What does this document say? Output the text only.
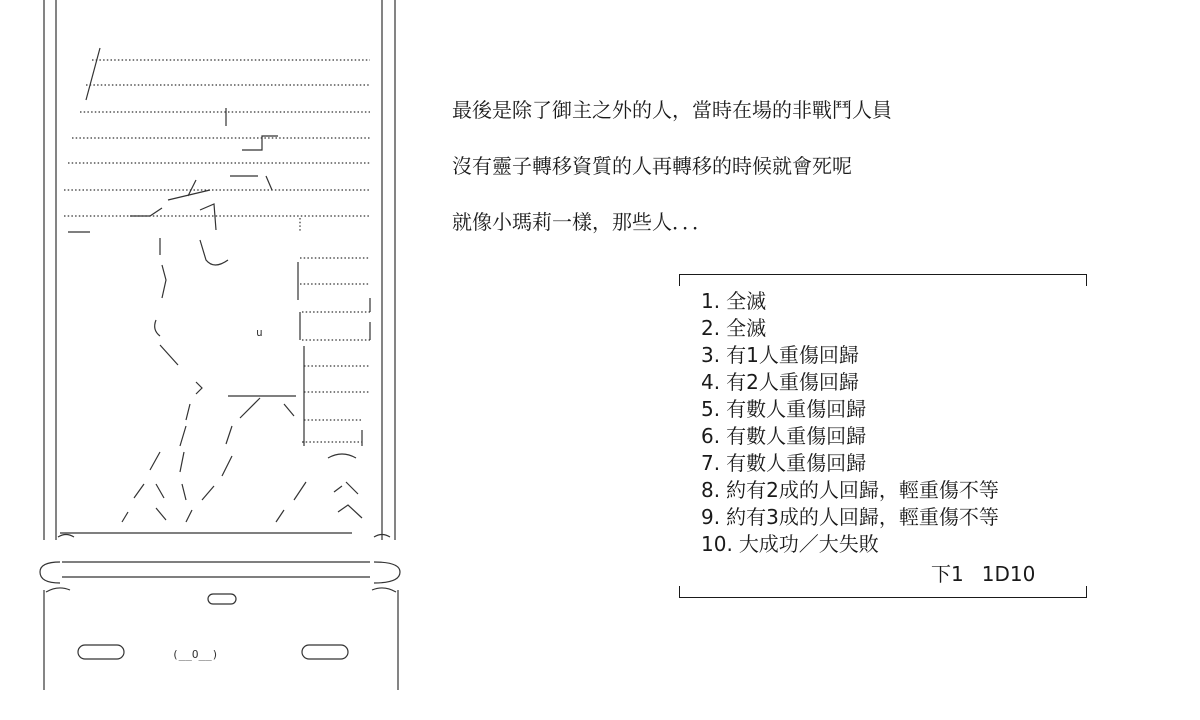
u
(__O__)

最後是除了御主之外的人，當時在場的非戰鬥人員

沒有靈子轉移資質的人再轉移的時候就會死呢

就像小瑪莉一樣，那些人．．．

1. 全滅
2. 全滅
3. 有1人重傷回歸
4. 有2人重傷回歸
5. 有數人重傷回歸
6. 有數人重傷回歸
7. 有數人重傷回歸
8. 約有2成的人回歸，輕重傷不等
9. 約有3成的人回歸，輕重傷不等
10. 大成功／大失敗
下1 1D10
